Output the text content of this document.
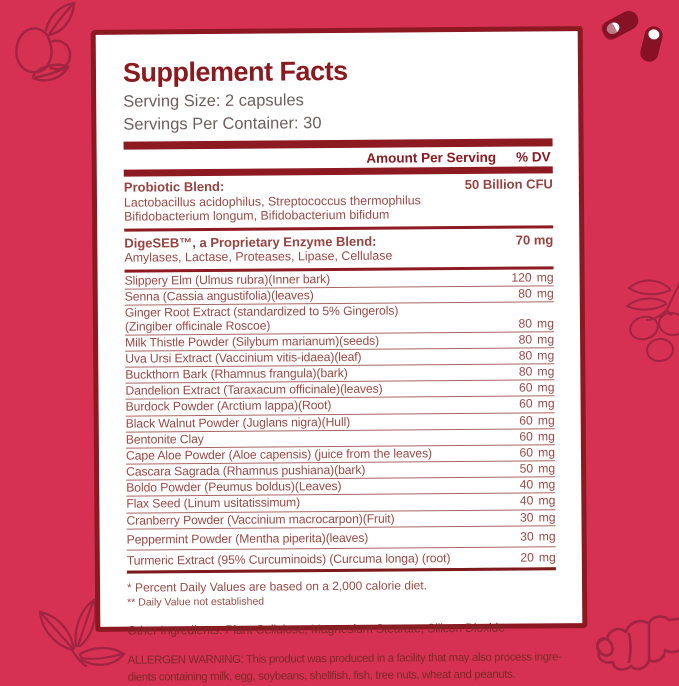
Supplement Facts
Serving Size: 2 capsules
Servings Per Container: 30
Amount Per Serving % DV
Probiotic Blend:	50 Billion CFU
Lactobacillus acidophilus, Streptococcus thermophilus
Bifidobacterium longum, Bifidobacterium bifidum
DigeSEB™, a Proprietary Enzyme Blend:	70 mg
Amylases, Lactase, Proteases, Lipase, Cellulase
Slippery Elm (Ulmus rubra)(Inner bark)	120 mg
Senna (Cassia angustifolia)(leaves)	80 mg
Ginger Root Extract (standardized to 5% Gingerols)
(Zingiber officinale Roscoe)	80 mg
Milk Thistle Powder (Silybum marianum)(seeds)	80 mg
Uva Ursi Extract (Vaccinium vitis-idaea)(leaf)	80 mg
Buckthorn Bark (Rhamnus frangula)(bark)	80 mg
Dandelion Extract (Taraxacum officinale)(leaves)	60 mg
Burdock Powder (Arctium lappa)(Root)	60 mg
Black Walnut Powder (Juglans nigra)(Hull)	60 mg
Bentonite Clay	60 mg
Cape Aloe Powder (Aloe capensis) (juice from the leaves)	60 mg
Cascara Sagrada (Rhamnus pushiana)(bark)	50 mg
Boldo Powder (Peumus boldus)(Leaves)	40 mg
Flax Seed (Linum usitatissimum)	40 mg
Cranberry Powder (Vaccinium macrocarpon)(Fruit)	30 mg
Peppermint Powder (Mentha piperita)(leaves)	30 mg
Turmeric Extract (95% Curcuminoids) (Curcuma longa) (root)	20 mg
* Percent Daily Values are based on a 2,000 calorie diet.
** Daily Value not established
Other Ingredients: Plant Cellulose, Magnesium Stearate, Silicon Dioxide
ALLERGEN WARNING: This product was produced in a facility that may also process ingre-
dients containing milk, egg, soybeans, shellfish, fish, tree nuts, wheat and peanuts.
